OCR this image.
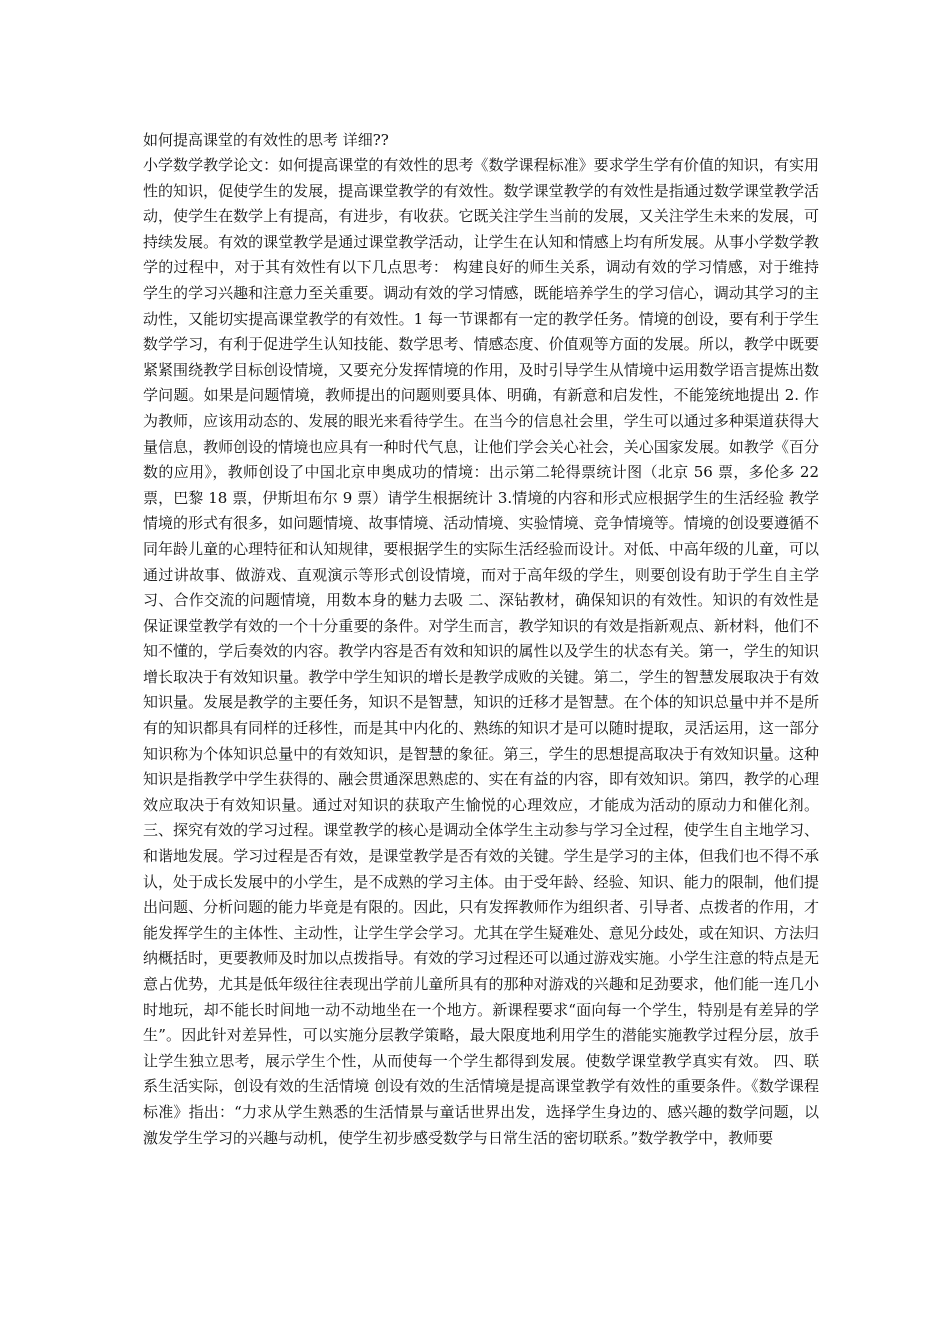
如何提高课堂的有效性的思考 详细??

小学数学教学论文：如何提高课堂的有效性的思考《数学课程标准》要求学生学有价值的知识，有实用性的知识，促使学生的发展，提高课堂教学的有效性。数学课堂教学的有效性是指通过数学课堂教学活动，使学生在数学上有提高，有进步，有收获。它既关注学生当前的发展，又关注学生未来的发展，可持续发展。有效的课堂教学是通过课堂教学活动，让学生在认知和情感上均有所发展。从事小学数学教学的过程中，对于其有效性有以下几点思考： 构建良好的师生关系，调动有效的学习情感，对于维持学生的学习兴趣和注意力至关重要。调动有效的学习情感，既能培养学生的学习信心，调动其学习的主动性，又能切实提高课堂教学的有效性。1 每一节课都有一定的教学任务。情境的创设，要有利于学生数学学习，有利于促进学生认知技能、数学思考、情感态度、价值观等方面的发展。所以，教学中既要紧紧围绕教学目标创设情境，又要充分发挥情境的作用，及时引导学生从情境中运用数学语言提炼出数学问题。如果是问题情境，教师提出的问题则要具体、明确，有新意和启发性，不能笼统地提出 2. 作为教师，应该用动态的、发展的眼光来看待学生。在当今的信息社会里，学生可以通过多种渠道获得大量信息，教师创设的情境也应具有一种时代气息，让他们学会关心社会，关心国家发展。如教学《百分数的应用》，教师创设了中国北京申奥成功的情境：出示第二轮得票统计图（北京 56 票，多伦多 22 票，巴黎 18 票，伊斯坦布尔 9 票）请学生根据统计 3.情境的内容和形式应根据学生的生活经验 教学情境的形式有很多，如问题情境、故事情境、活动情境、实验情境、竞争情境等。情境的创设要遵循不同年龄儿童的心理特征和认知规律，要根据学生的实际生活经验而设计。对低、中高年级的儿童，可以通过讲故事、做游戏、直观演示等形式创设情境，而对于高年级的学生，则要创设有助于学生自主学习、合作交流的问题情境，用数本身的魅力去吸 二、深钻教材，确保知识的有效性。知识的有效性是保证课堂教学有效的一个十分重要的条件。对学生而言，教学知识的有效是指新观点、新材料，他们不知不懂的，学后奏效的内容。教学内容是否有效和知识的属性以及学生的状态有关。第一，学生的知识增长取决于有效知识量。教学中学生知识的增长是教学成败的关键。第二，学生的智慧发展取决于有效知识量。发展是教学的主要任务，知识不是智慧，知识的迁移才是智慧。在个体的知识总量中并不是所有的知识都具有同样的迁移性，而是其中内化的、熟练的知识才是可以随时提取，灵活运用，这一部分知识称为个体知识总量中的有效知识，是智慧的象征。第三，学生的思想提高取决于有效知识量。这种知识是指教学中学生获得的、融会贯通深思熟虑的、实在有益的内容，即有效知识。第四，教学的心理效应取决于有效知识量。通过对知识的获取产生愉悦的心理效应，才能成为活动的原动力和催化剂。三、探究有效的学习过程。课堂教学的核心是调动全体学生主动参与学习全过程，使学生自主地学习、和谐地发展。学习过程是否有效，是课堂教学是否有效的关键。学生是学习的主体，但我们也不得不承认，处于成长发展中的小学生，是不成熟的学习主体。由于受年龄、经验、知识、能力的限制，他们提出问题、分析问题的能力毕竟是有限的。因此，只有发挥教师作为组织者、引导者、点拨者的作用，才能发挥学生的主体性、主动性，让学生学会学习。尤其在学生疑难处、意见分歧处，或在知识、方法归纳概括时，更要教师及时加以点拨指导。有效的学习过程还可以通过游戏实施。小学生注意的特点是无意占优势，尤其是低年级往往表现出学前儿童所具有的那种对游戏的兴趣和足劲要求，他们能一连几小时地玩，却不能长时间地一动不动地坐在一个地方。新课程要求“面向每一个学生，特别是有差异的学生”。因此针对差异性，可以实施分层教学策略，最大限度地利用学生的潜能实施教学过程分层，放手让学生独立思考，展示学生个性，从而使每一个学生都得到发展。使数学课堂教学真实有效。 四、联系生活实际，创设有效的生活情境 创设有效的生活情境是提高课堂教学有效性的重要条件。《数学课程标准》指出：“力求从学生熟悉的生活情景与童话世界出发，选择学生身边的、感兴趣的数学问题，以激发学生学习的兴趣与动机，使学生初步感受数学与日常生活的密切联系。”数学教学中，教师要
